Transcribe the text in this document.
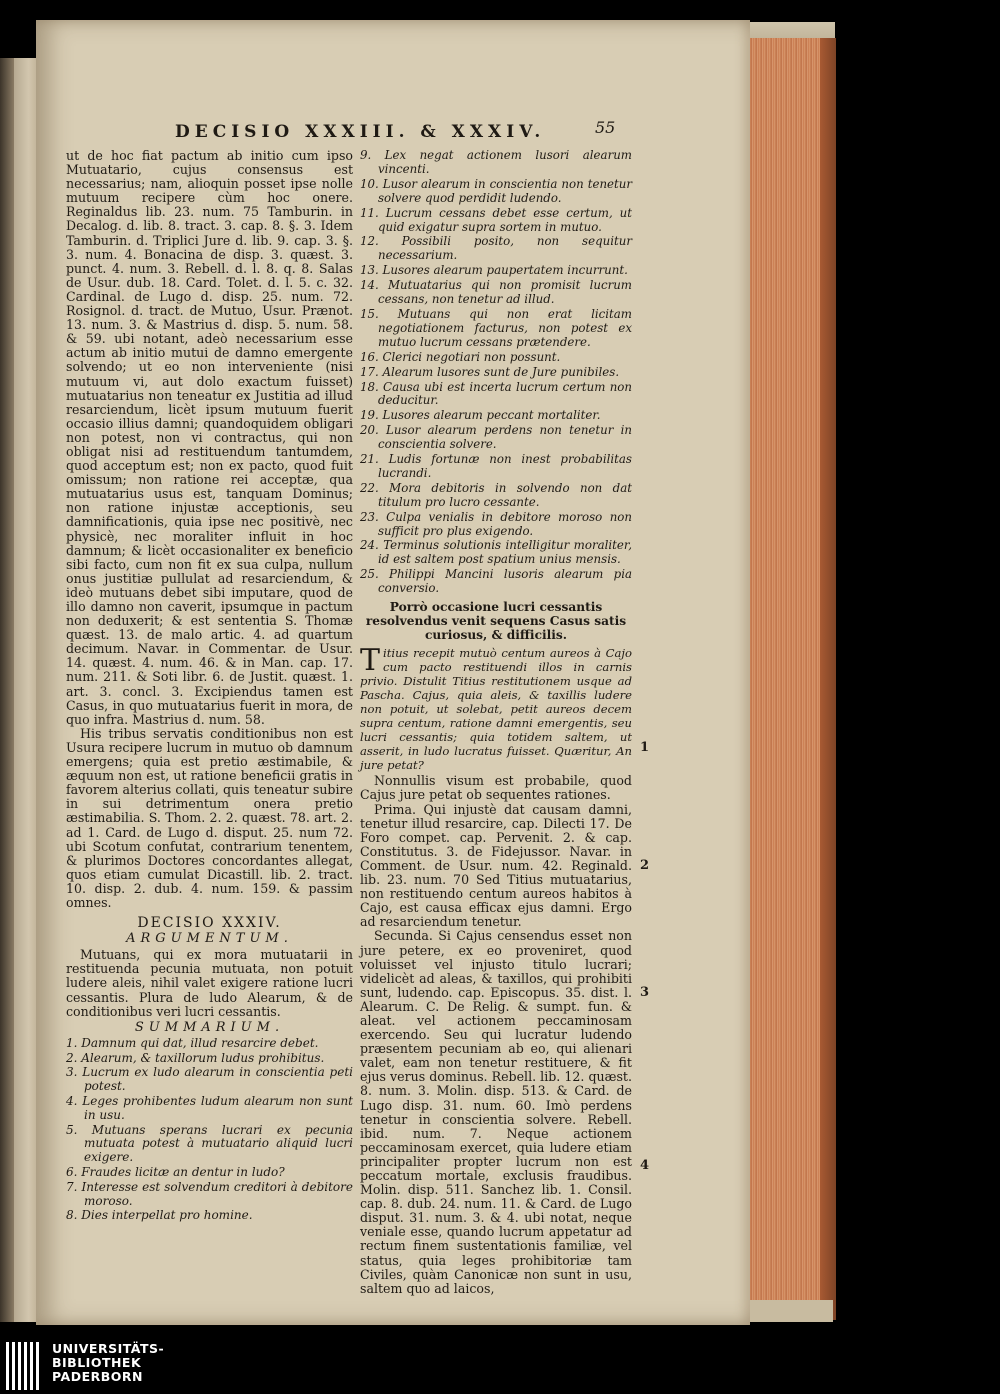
DECISIO XXXIII. & XXXIV.	55

ut de hoc fiat pactum ab initio cum ipso Mutuatario, cujus consensus est necessarius; nam, alioquin posset ipse nolle mutuum recipere cùm hoc onere. Reginaldus lib. 23. num. 75 Tamburin. in Decalog. d. lib. 8. tract. 3. cap. 8. §. 3. Idem Tamburin. d. Triplici Jure d. lib. 9. cap. 3. §. 3. num. 4. Bonacina de disp. 3. quæst. 3. punct. 4. num. 3. Rebell. d. l. 8. q. 8. Salas de Usur. dub. 18. Card. Tolet. d. l. 5. c. 32. Cardinal. de Lugo d. disp. 25. num. 72. Rosignol. d. tract. de Mutuo, Usur. Prænot. 13. num. 3. & Mastrius d. disp. 5. num. 58. & 59. ubi notant, adeò necessarium esse actum ab initio mutui de damno emergente solvendo; ut eo non interveniente (nisi mutuum vi, aut dolo exactum fuisset) mutuatarius non teneatur ex Justitia ad illud resarciendum, licèt ipsum mutuum fuerit occasio illius damni; quandoquidem obligari non potest, non vi contractus, qui non obligat nisi ad restituendum tantumdem, quod acceptum est; non ex pacto, quod fuit omissum; non ratione rei acceptæ, qua mutuatarius usus est, tanquam Dominus; non ratione injustæ acceptionis, seu damnificationis, quia ipse nec positivè, nec physicè, nec moraliter influit in hoc damnum; & licèt occasionaliter ex beneficio sibi facto, cum non fit ex sua culpa, nullum onus justitiæ pullulat ad resarciendum, & ideò mutuans debet sibi imputare, quod de illo damno non caverit, ipsumque in pactum non deduxerit; & est sententia S. Thomæ quæst. 13. de malo artic. 4. ad quartum decimum. Navar. in Commentar. de Usur. 14. quæst. 4. num. 46. & in Man. cap. 17. num. 211. & Soti libr. 6. de Justit. quæst. 1. art. 3. concl. 3. Excipiendus tamen est Casus, in quo mutuatarius fuerit in mora, de quo infra. Mastrius d. num. 58.

His tribus servatis conditionibus non est Usura recipere lucrum in mutuo ob damnum emergens; quia est pretio æstimabile, & æquum non est, ut ratione beneficii gratis in favorem alterius collati, quis teneatur subire in sui detrimentum onera pretio æstimabilia. S. Thom. 2. 2. quæst. 78. art. 2. ad 1. Card. de Lugo d. disput. 25. num 72. ubi Scotum confutat, contrarium tenentem, & plurimos Doctores concordantes allegat, quos etiam cumulat Dicastill. lib. 2. tract. 10. disp. 2. dub. 4. num. 159. & passim omnes.

DECISIO XXXIV.
ARGUMENTUM.

Mutuans, qui ex mora mutuatarii in restituenda pecunia mutuata, non potuit ludere aleis, nihil valet exigere ratione lucri cessantis. Plura de ludo Alearum, & de conditionibus veri lucri cessantis.

SUMMARIUM.
1. Damnum qui dat, illud resarcire debet.
2. Alearum, & taxillorum ludus prohibitus.
3. Lucrum ex ludo alearum in conscientia peti potest.
4. Leges prohibentes ludum alearum non sunt in usu.
5. Mutuans sperans lucrari ex pecunia mutuata potest à mutuatario aliquid lucri exigere.
6. Fraudes licitæ an dentur in ludo?
7. Interesse est solvendum creditori à debitore moroso.
8. Dies interpellat pro homine.
9. Lex negat actionem lusori alearum vincenti.
10. Lusor alearum in conscientia non tenetur solvere quod perdidit ludendo.
11. Lucrum cessans debet esse certum, ut quid exigatur supra sortem in mutuo.
12. Possibili posito, non sequitur necessarium.
13. Lusores alearum paupertatem incurrunt.
14. Mutuatarius qui non promisit lucrum cessans, non tenetur ad illud.
15. Mutuans qui non erat licitam negotiationem facturus, non potest ex mutuo lucrum cessans prætendere.
16. Clerici negotiari non possunt.
17. Alearum lusores sunt de Jure punibiles.
18. Causa ubi est incerta lucrum certum non deducitur.
19. Lusores alearum peccant mortaliter.
20. Lusor alearum perdens non tenetur in conscientia solvere.
21. Ludis fortunæ non inest probabilitas lucrandi.
22. Mora debitoris in solvendo non dat titulum pro lucro cessante.
23. Culpa venialis in debitore moroso non sufficit pro plus exigendo.
24. Terminus solutionis intelligitur moraliter, id est saltem post spatium unius mensis.
25. Philippi Mancini lusoris alearum pia conversio.

Porrò occasione lucri cessantis resolvendus venit sequens Casus satis curiosus, & difficilis.

Titius recepit mutuò centum aureos à Cajo cum pacto restituendi illos in carnis privio. Distulit Titius restitutionem usque ad Pascha. Cajus, quia aleis, & taxillis ludere non potuit, ut solebat, petit aureos decem supra centum, ratione damni emergentis, seu lucri cessantis; quia totidem saltem, ut asserit, in ludo lucratus fuisset. Quæritur, An jure petat?

Nonnullis visum est probabile, quod Cajus jure petat ob sequentes rationes.

Prima. Qui injustè dat causam damni, tenetur illud resarcire, cap. Dilecti 17. De Foro compet. cap. Pervenit. 2. & cap. Constitutus. 3. de Fidejussor. Navar. in Comment. de Usur. num. 42. Reginald. lib. 23. num. 70 Sed Titius mutuatarius, non restituendo centum aureos habitos à Cajo, est causa efficax ejus damni. Ergo ad resarciendum tenetur.

Secunda. Si Cajus censendus esset non jure petere, ex eo proveniret, quod voluisset vel injusto titulo lucrari; videlicèt ad aleas, & taxillos, qui prohibiti sunt, ludendo. cap. Episcopus. 35. dist. l. Alearum. C. De Relig. & sumpt. fun. & aleat. vel actionem peccaminosam exercendo. Seu qui lucratur ludendo præsentem pecuniam ab eo, qui alienari valet, eam non tenetur restituere, & fit ejus verus dominus. Rebell. lib. 12. quæst. 8. num. 3. Molin. disp. 513. & Card. de Lugo disp. 31. num. 60. Imò perdens tenetur in conscientia solvere. Rebell. ibid. num. 7. Neque actionem peccaminosam exercet, quia ludere etiam principaliter propter lucrum non est peccatum mortale, exclusis fraudibus. Molin. disp. 511. Sanchez lib. 1. Consil. cap. 8. dub. 24. num. 11. & Card. de Lugo disput. 31. num. 3. & 4. ubi notat, neque veniale esse, quando lucrum appetatur ad rectum finem sustentationis familiæ, vel status, quia leges prohibitoriæ tam Civiles, quàm Canonicæ non sunt in usu, saltem quo ad laicos,

1
2
3
4
UNIVERSITÄTS-
BIBLIOTHEK
PADERBORN
